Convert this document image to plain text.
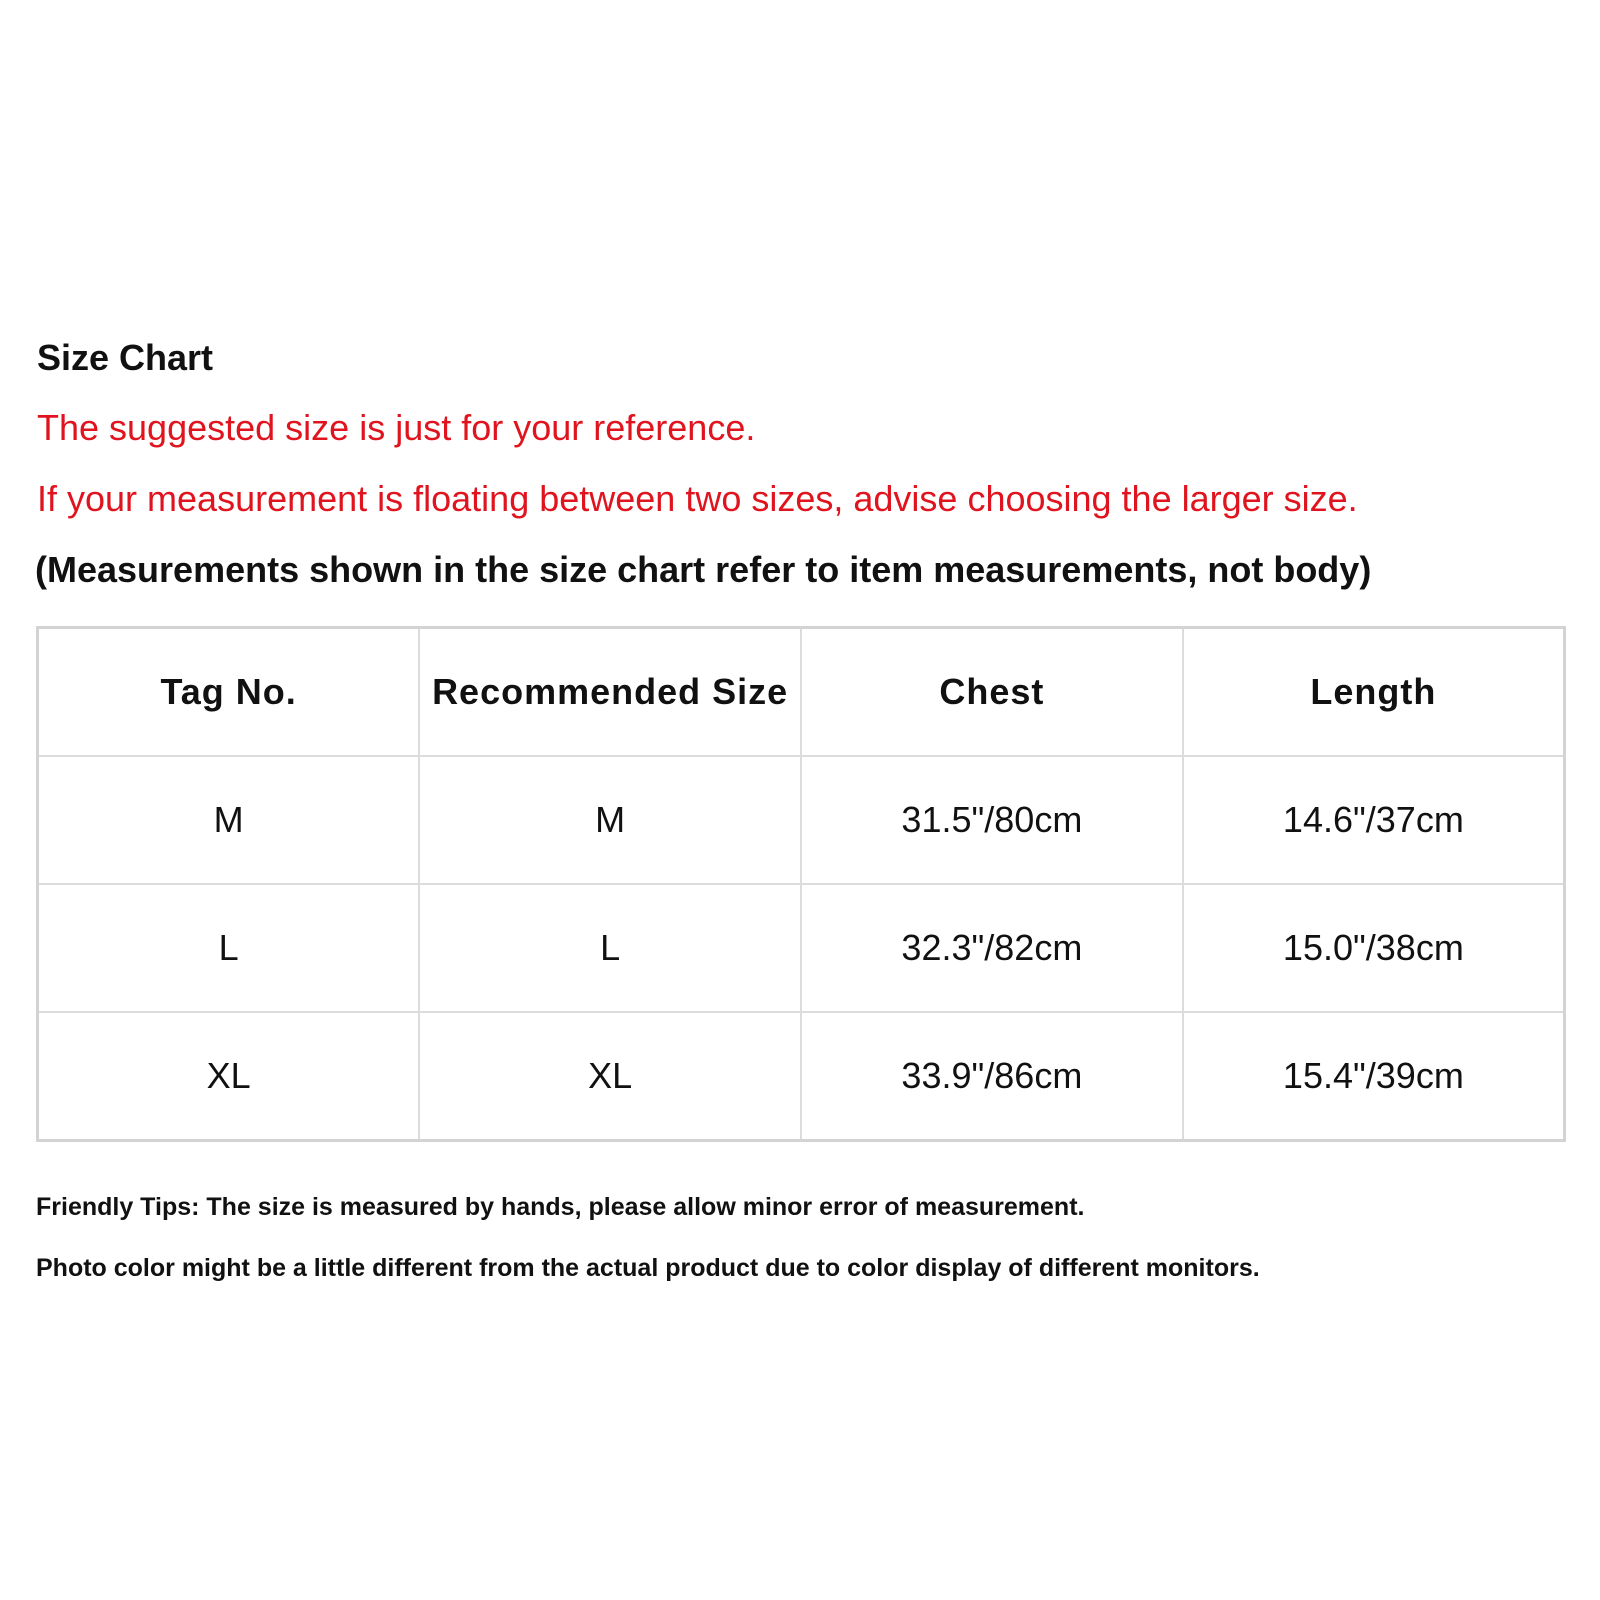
Size Chart
The suggested size is just for your reference.
If your measurement is floating between two sizes, advise choosing the larger size.
(Measurements shown in the size chart refer to item measurements, not body)
Tag No.	Recommended Size	Chest	Length
M	M	31.5"/80cm	14.6"/37cm
L	L	32.3"/82cm	15.0"/38cm
XL	XL	33.9"/86cm	15.4"/39cm
Friendly Tips: The size is measured by hands, please allow minor error of measurement.
Photo color might be a little different from the actual product due to color display of different monitors.
